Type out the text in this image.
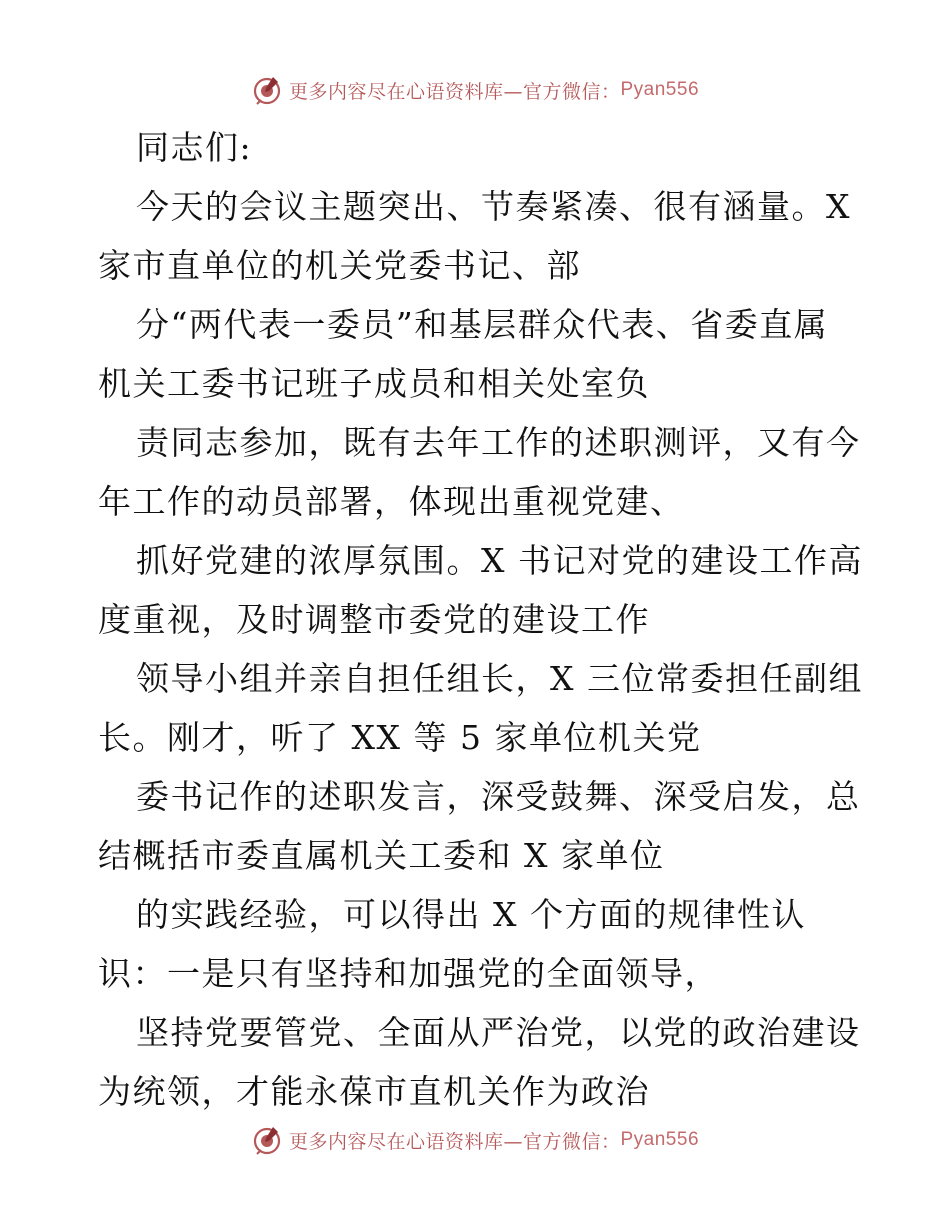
更多内容尽在心语资料库—官方微信： Pyan556
同志们:
今天的会议主题突出、节奏紧凑、很有涵量。X
家市直单位的机关党委书记、部
分“两代表一委员”和基层群众代表、省委直属
机关工委书记班子成员和相关处室负
责同志参加，既有去年工作的述职测评，又有今
年工作的动员部署，体现出重视党建、
抓好党建的浓厚氛围。X 书记对党的建设工作高
度重视，及时调整市委党的建设工作
领导小组并亲自担任组长，X 三位常委担任副组
长。刚才，听了 XX 等 5 家单位机关党
委书记作的述职发言，深受鼓舞、深受启发，总
结概括市委直属机关工委和 X 家单位
的实践经验，可以得出 X 个方面的规律性认
识：一是只有坚持和加强党的全面领导，
坚持党要管党、全面从严治党，以党的政治建设
为统领，才能永葆市直机关作为政治
更多内容尽在心语资料库—官方微信： Pyan556
